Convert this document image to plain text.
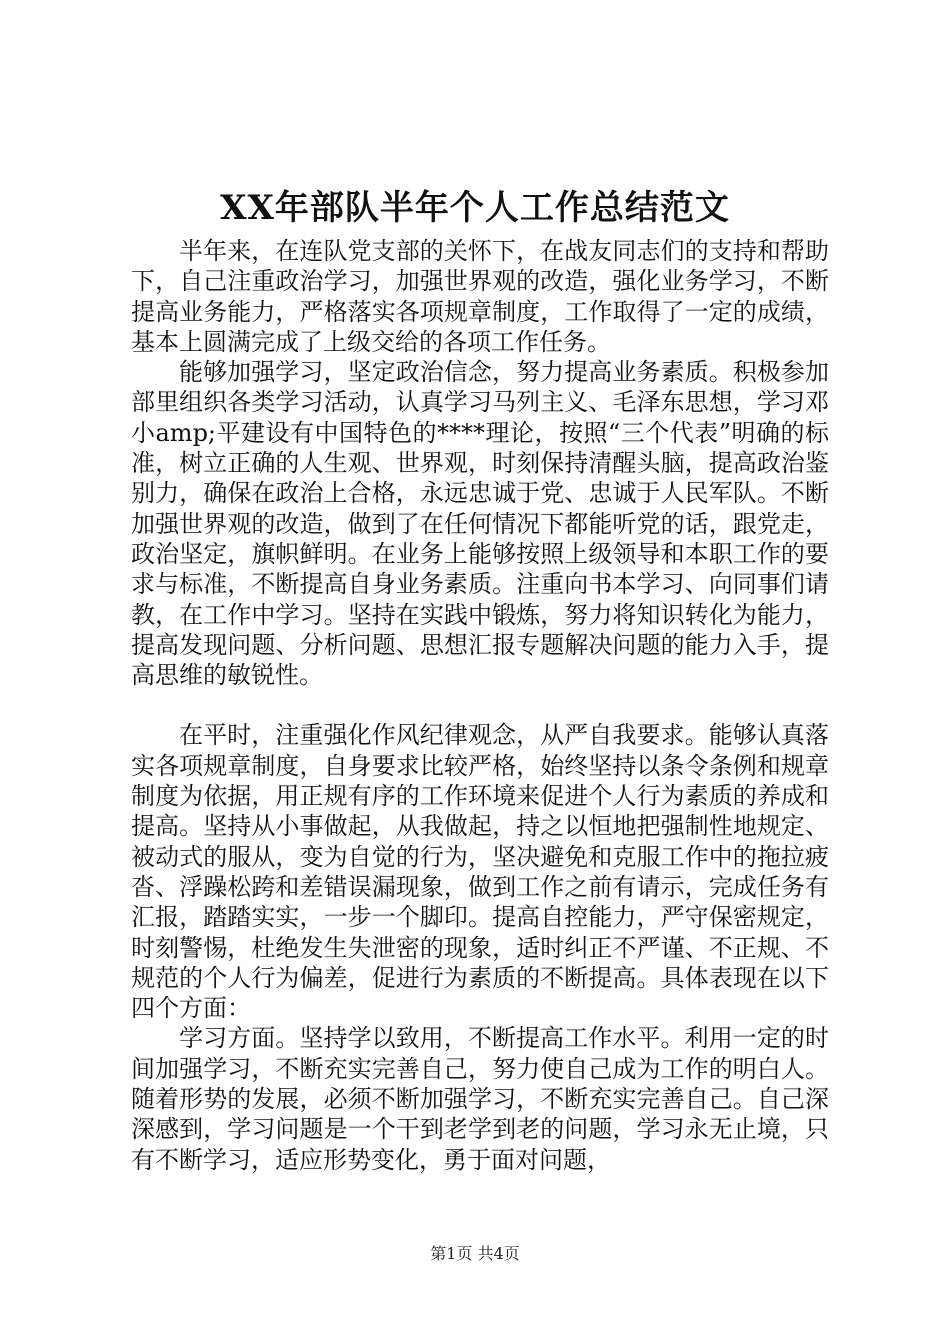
XX年部队半年个人工作总结范文

半年来，在连队党支部的关怀下，在战友同志们的支持和帮助下，自己注重政治学习，加强世界观的改造，强化业务学习，不断提高业务能力，严格落实各项规章制度，工作取得了一定的成绩，基本上圆满完成了上级交给的各项工作任务。

能够加强学习，坚定政治信念，努力提高业务素质。积极参加部里组织各类学习活动，认真学习马列主义、毛泽东思想，学习邓小amp;平建设有中国特色的****理论，按照“三个代表”明确的标准，树立正确的人生观、世界观，时刻保持清醒头脑，提高政治鉴别力，确保在政治上合格，永远忠诚于党、忠诚于人民军队。不断加强世界观的改造，做到了在任何情况下都能听党的话，跟党走，政治坚定，旗帜鲜明。在业务上能够按照上级领导和本职工作的要求与标准，不断提高自身业务素质。注重向书本学习、向同事们请教，在工作中学习。坚持在实践中锻炼，努力将知识转化为能力，提高发现问题、分析问题、思想汇报专题解决问题的能力入手，提高思维的敏锐性。

在平时，注重强化作风纪律观念，从严自我要求。能够认真落实各项规章制度，自身要求比较严格，始终坚持以条令条例和规章制度为依据，用正规有序的工作环境来促进个人行为素质的养成和提高。坚持从小事做起，从我做起，持之以恒地把强制性地规定、被动式的服从，变为自觉的行为，坚决避免和克服工作中的拖拉疲沓、浮躁松跨和差错误漏现象，做到工作之前有请示，完成任务有汇报，踏踏实实，一步一个脚印。提高自控能力，严守保密规定，时刻警惕，杜绝发生失泄密的现象，适时纠正不严谨、不正规、不规范的个人行为偏差，促进行为素质的不断提高。具体表现在以下四个方面：

学习方面。坚持学以致用，不断提高工作水平。利用一定的时间加强学习，不断充实完善自己，努力使自己成为工作的明白人。随着形势的发展，必须不断加强学习，不断充实完善自己。自己深深感到，学习问题是一个干到老学到老的问题，学习永无止境，只有不断学习，适应形势变化，勇于面对问题，

第1页 共4页
